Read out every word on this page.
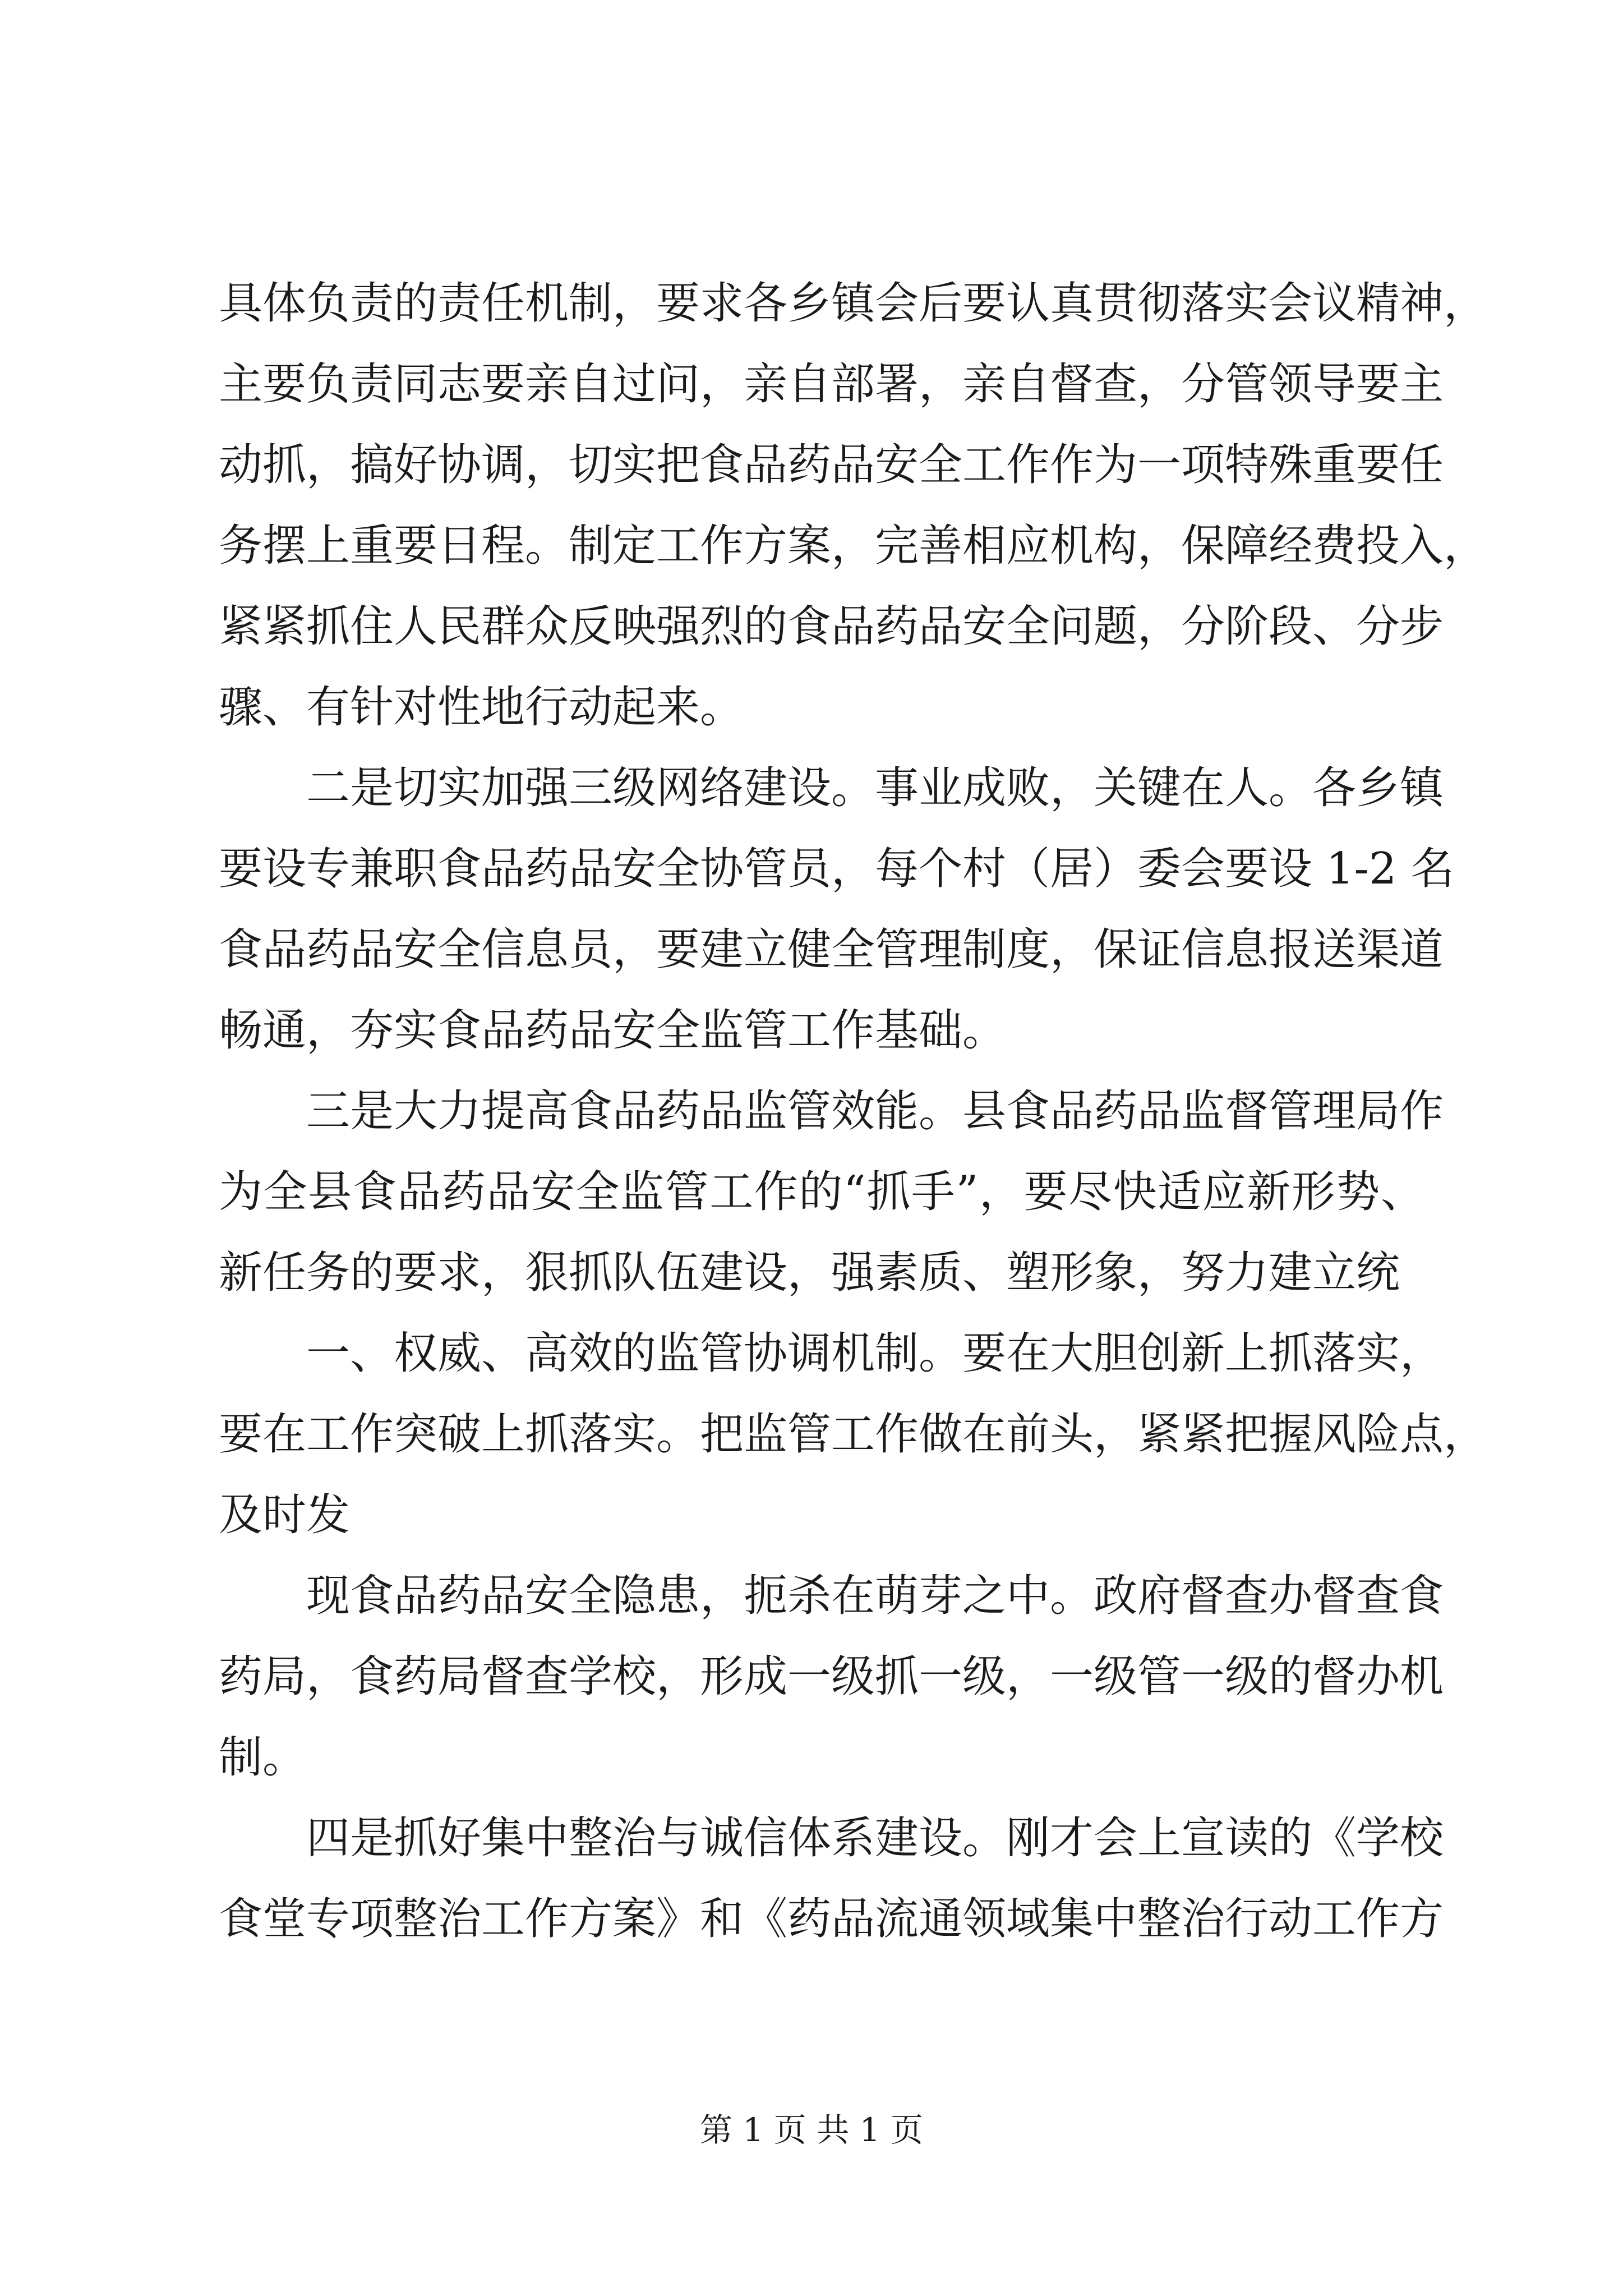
具体负责的责任机制，要求各乡镇会后要认真贯彻落实会议精神，
主要负责同志要亲自过问，亲自部署，亲自督查，分管领导要主
动抓，搞好协调，切实把食品药品安全工作作为一项特殊重要任
务摆上重要日程。制定工作方案，完善相应机构，保障经费投入，
紧紧抓住人民群众反映强烈的食品药品安全问题，分阶段、分步
骤、有针对性地行动起来。
二是切实加强三级网络建设。事业成败，关键在人。各乡镇
要设专兼职食品药品安全协管员，每个村（居）委会要设 1-2 名
食品药品安全信息员，要建立健全管理制度，保证信息报送渠道
畅通，夯实食品药品安全监管工作基础。
三是大力提高食品药品监管效能。县食品药品监督管理局作
为全县食品药品安全监管工作的“抓手”，要尽快适应新形势、
新任务的要求，狠抓队伍建设，强素质、塑形象，努力建立统
一、权威、高效的监管协调机制。要在大胆创新上抓落实，
要在工作突破上抓落实。把监管工作做在前头，紧紧把握风险点，
及时发
现食品药品安全隐患，扼杀在萌芽之中。政府督查办督查食
药局，食药局督查学校，形成一级抓一级，一级管一级的督办机
制。
四是抓好集中整治与诚信体系建设。刚才会上宣读的《学校
食堂专项整治工作方案》和《药品流通领域集中整治行动工作方
第 1 页 共 1 页
